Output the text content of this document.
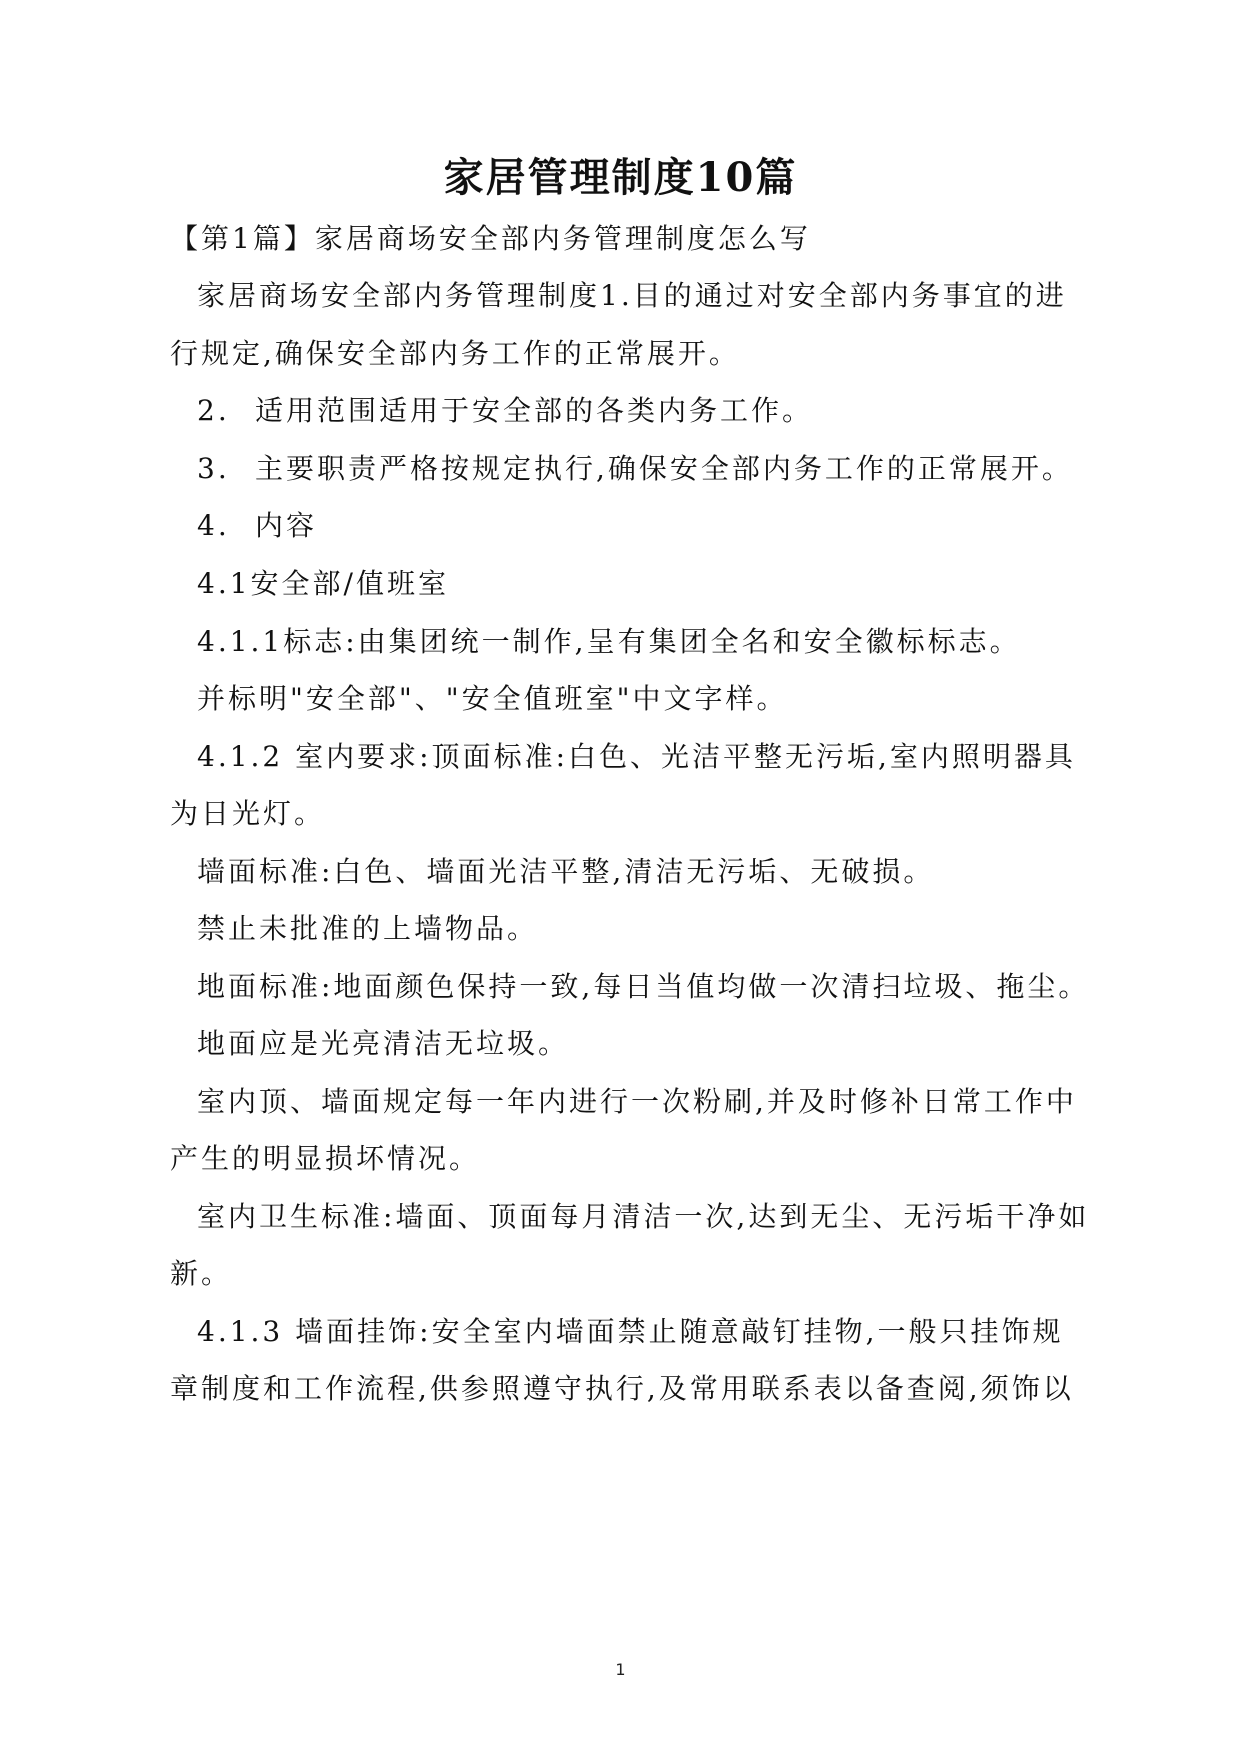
家居管理制度10篇
【第1篇】家居商场安全部内务管理制度怎么写
家居商场安全部内务管理制度1.目的通过对安全部内务事宜的进
行规定,确保安全部内务工作的正常展开。
2. 适用范围适用于安全部的各类内务工作。
3. 主要职责严格按规定执行,确保安全部内务工作的正常展开。
4. 内容
4.1安全部/值班室
4.1.1标志:由集团统一制作,呈有集团全名和安全徽标标志。
并标明"安全部"、"安全值班室"中文字样。
4.1.2 室内要求:顶面标准:白色、光洁平整无污垢,室内照明器具
为日光灯。
墙面标准:白色、墙面光洁平整,清洁无污垢、无破损。
禁止未批准的上墙物品。
地面标准:地面颜色保持一致,每日当值均做一次清扫垃圾、拖尘。
地面应是光亮清洁无垃圾。
室内顶、墙面规定每一年内进行一次粉刷,并及时修补日常工作中
产生的明显损坏情况。
室内卫生标准:墙面、顶面每月清洁一次,达到无尘、无污垢干净如
新。
4.1.3 墙面挂饰:安全室内墙面禁止随意敲钉挂物,一般只挂饰规
章制度和工作流程,供参照遵守执行,及常用联系表以备查阅,须饰以
1
